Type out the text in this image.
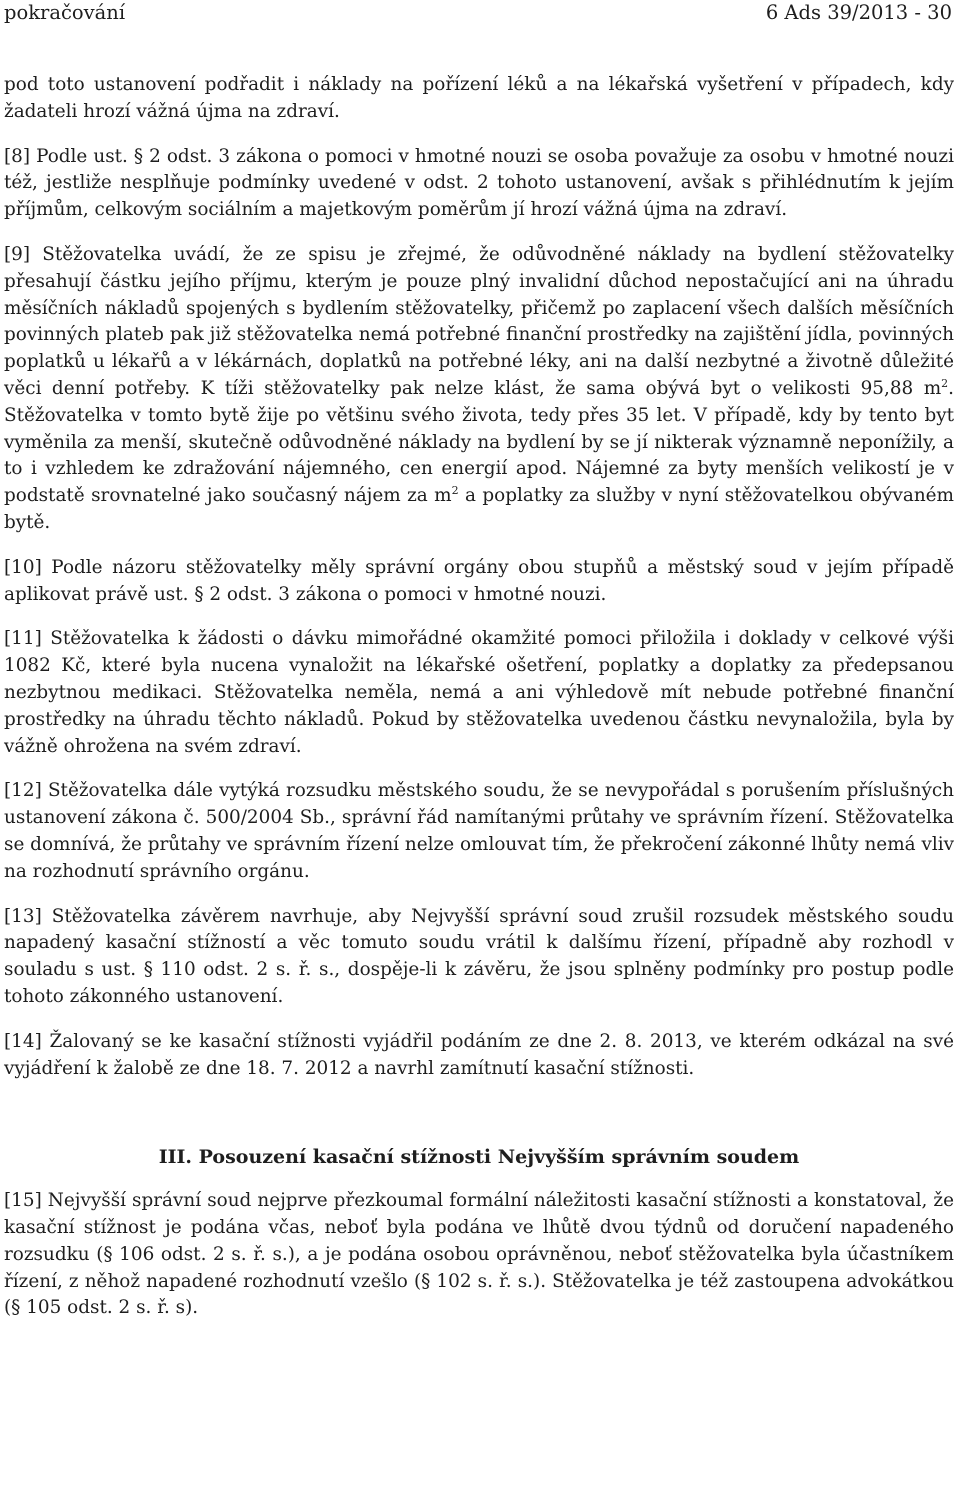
pokračování	6 Ads 39/2013 - 30

pod toto ustanovení podřadit i náklady na pořízení léků a na lékařská vyšetření v případech, kdy žadateli hrozí vážná újma na zdraví.

[8] Podle ust. § 2 odst. 3 zákona o pomoci v hmotné nouzi se osoba považuje za osobu v hmotné nouzi též, jestliže nesplňuje podmínky uvedené v odst. 2 tohoto ustanovení, avšak s přihlédnutím k jejím příjmům, celkovým sociálním a majetkovým poměrům jí hrozí vážná újma na zdraví.

[9] Stěžovatelka uvádí, že ze spisu je zřejmé, že odůvodněné náklady na bydlení stěžovatelky přesahují částku jejího příjmu, kterým je pouze plný invalidní důchod nepostačující ani na úhradu měsíčních nákladů spojených s bydlením stěžovatelky, přičemž po zaplacení všech dalších měsíčních povinných plateb pak již stěžovatelka nemá potřebné finanční prostředky na zajištění jídla, povinných poplatků u lékařů a v lékárnách, doplatků na potřebné léky, ani na další nezbytné a životně důležité věci denní potřeby. K tíži stěžovatelky pak nelze klást, že sama obývá byt o velikosti 95,88 $m^2$. Stěžovatelka v tomto bytě žije po většinu svého života, tedy přes 35 let. V případě, kdy by tento byt vyměnila za menší, skutečně odůvodněné náklady na bydlení by se jí nikterak významně neponížily, a to i vzhledem ke zdražování nájemného, cen energií apod. Nájemné za byty menších velikostí je v podstatě srovnatelné jako současný nájem za $m^2$ a poplatky za služby v nyní stěžovatelkou obývaném bytě.

[10] Podle názoru stěžovatelky měly správní orgány obou stupňů a městský soud v jejím případě aplikovat právě ust. § 2 odst. 3 zákona o pomoci v hmotné nouzi.

[11] Stěžovatelka k žádosti o dávku mimořádné okamžité pomoci přiložila i doklady v celkové výši 1082 Kč, které byla nucena vynaložit na lékařské ošetření, poplatky a doplatky za předepsanou nezbytnou medikaci. Stěžovatelka neměla, nemá a ani výhledově mít nebude potřebné finanční prostředky na úhradu těchto nákladů. Pokud by stěžovatelka uvedenou částku nevynaložila, byla by vážně ohrožena na svém zdraví.

[12] Stěžovatelka dále vytýká rozsudku městského soudu, že se nevypořádal s porušením příslušných ustanovení zákona č. 500/2004 Sb., správní řád namítanými průtahy ve správním řízení. Stěžovatelka se domnívá, že průtahy ve správním řízení nelze omlouvat tím, že překročení zákonné lhůty nemá vliv na rozhodnutí správního orgánu.

[13] Stěžovatelka závěrem navrhuje, aby Nejvyšší správní soud zrušil rozsudek městského soudu napadený kasační stížností a věc tomuto soudu vrátil k dalšímu řízení, případně aby rozhodl v souladu s ust. § 110 odst. 2 s. ř. s., dospěje-li k závěru, že jsou splněny podmínky pro postup podle tohoto zákonného ustanovení.

[14] Žalovaný se ke kasační stížnosti vyjádřil podáním ze dne 2. 8. 2013, ve kterém odkázal na své vyjádření k žalobě ze dne 18. 7. 2012 a navrhl zamítnutí kasační stížnosti.

III. Posouzení kasační stížnosti Nejvyšším správním soudem

[15] Nejvyšší správní soud nejprve přezkoumal formální náležitosti kasační stížnosti a konstatoval, že kasační stížnost je podána včas, neboť byla podána ve lhůtě dvou týdnů od doručení napadeného rozsudku (§ 106 odst. 2 s. ř. s.), a je podána osobou oprávněnou, neboť stěžovatelka byla účastníkem řízení, z něhož napadené rozhodnutí vzešlo (§ 102 s. ř. s.). Stěžovatelka je též zastoupena advokátkou (§ 105 odst. 2 s. ř. s).
